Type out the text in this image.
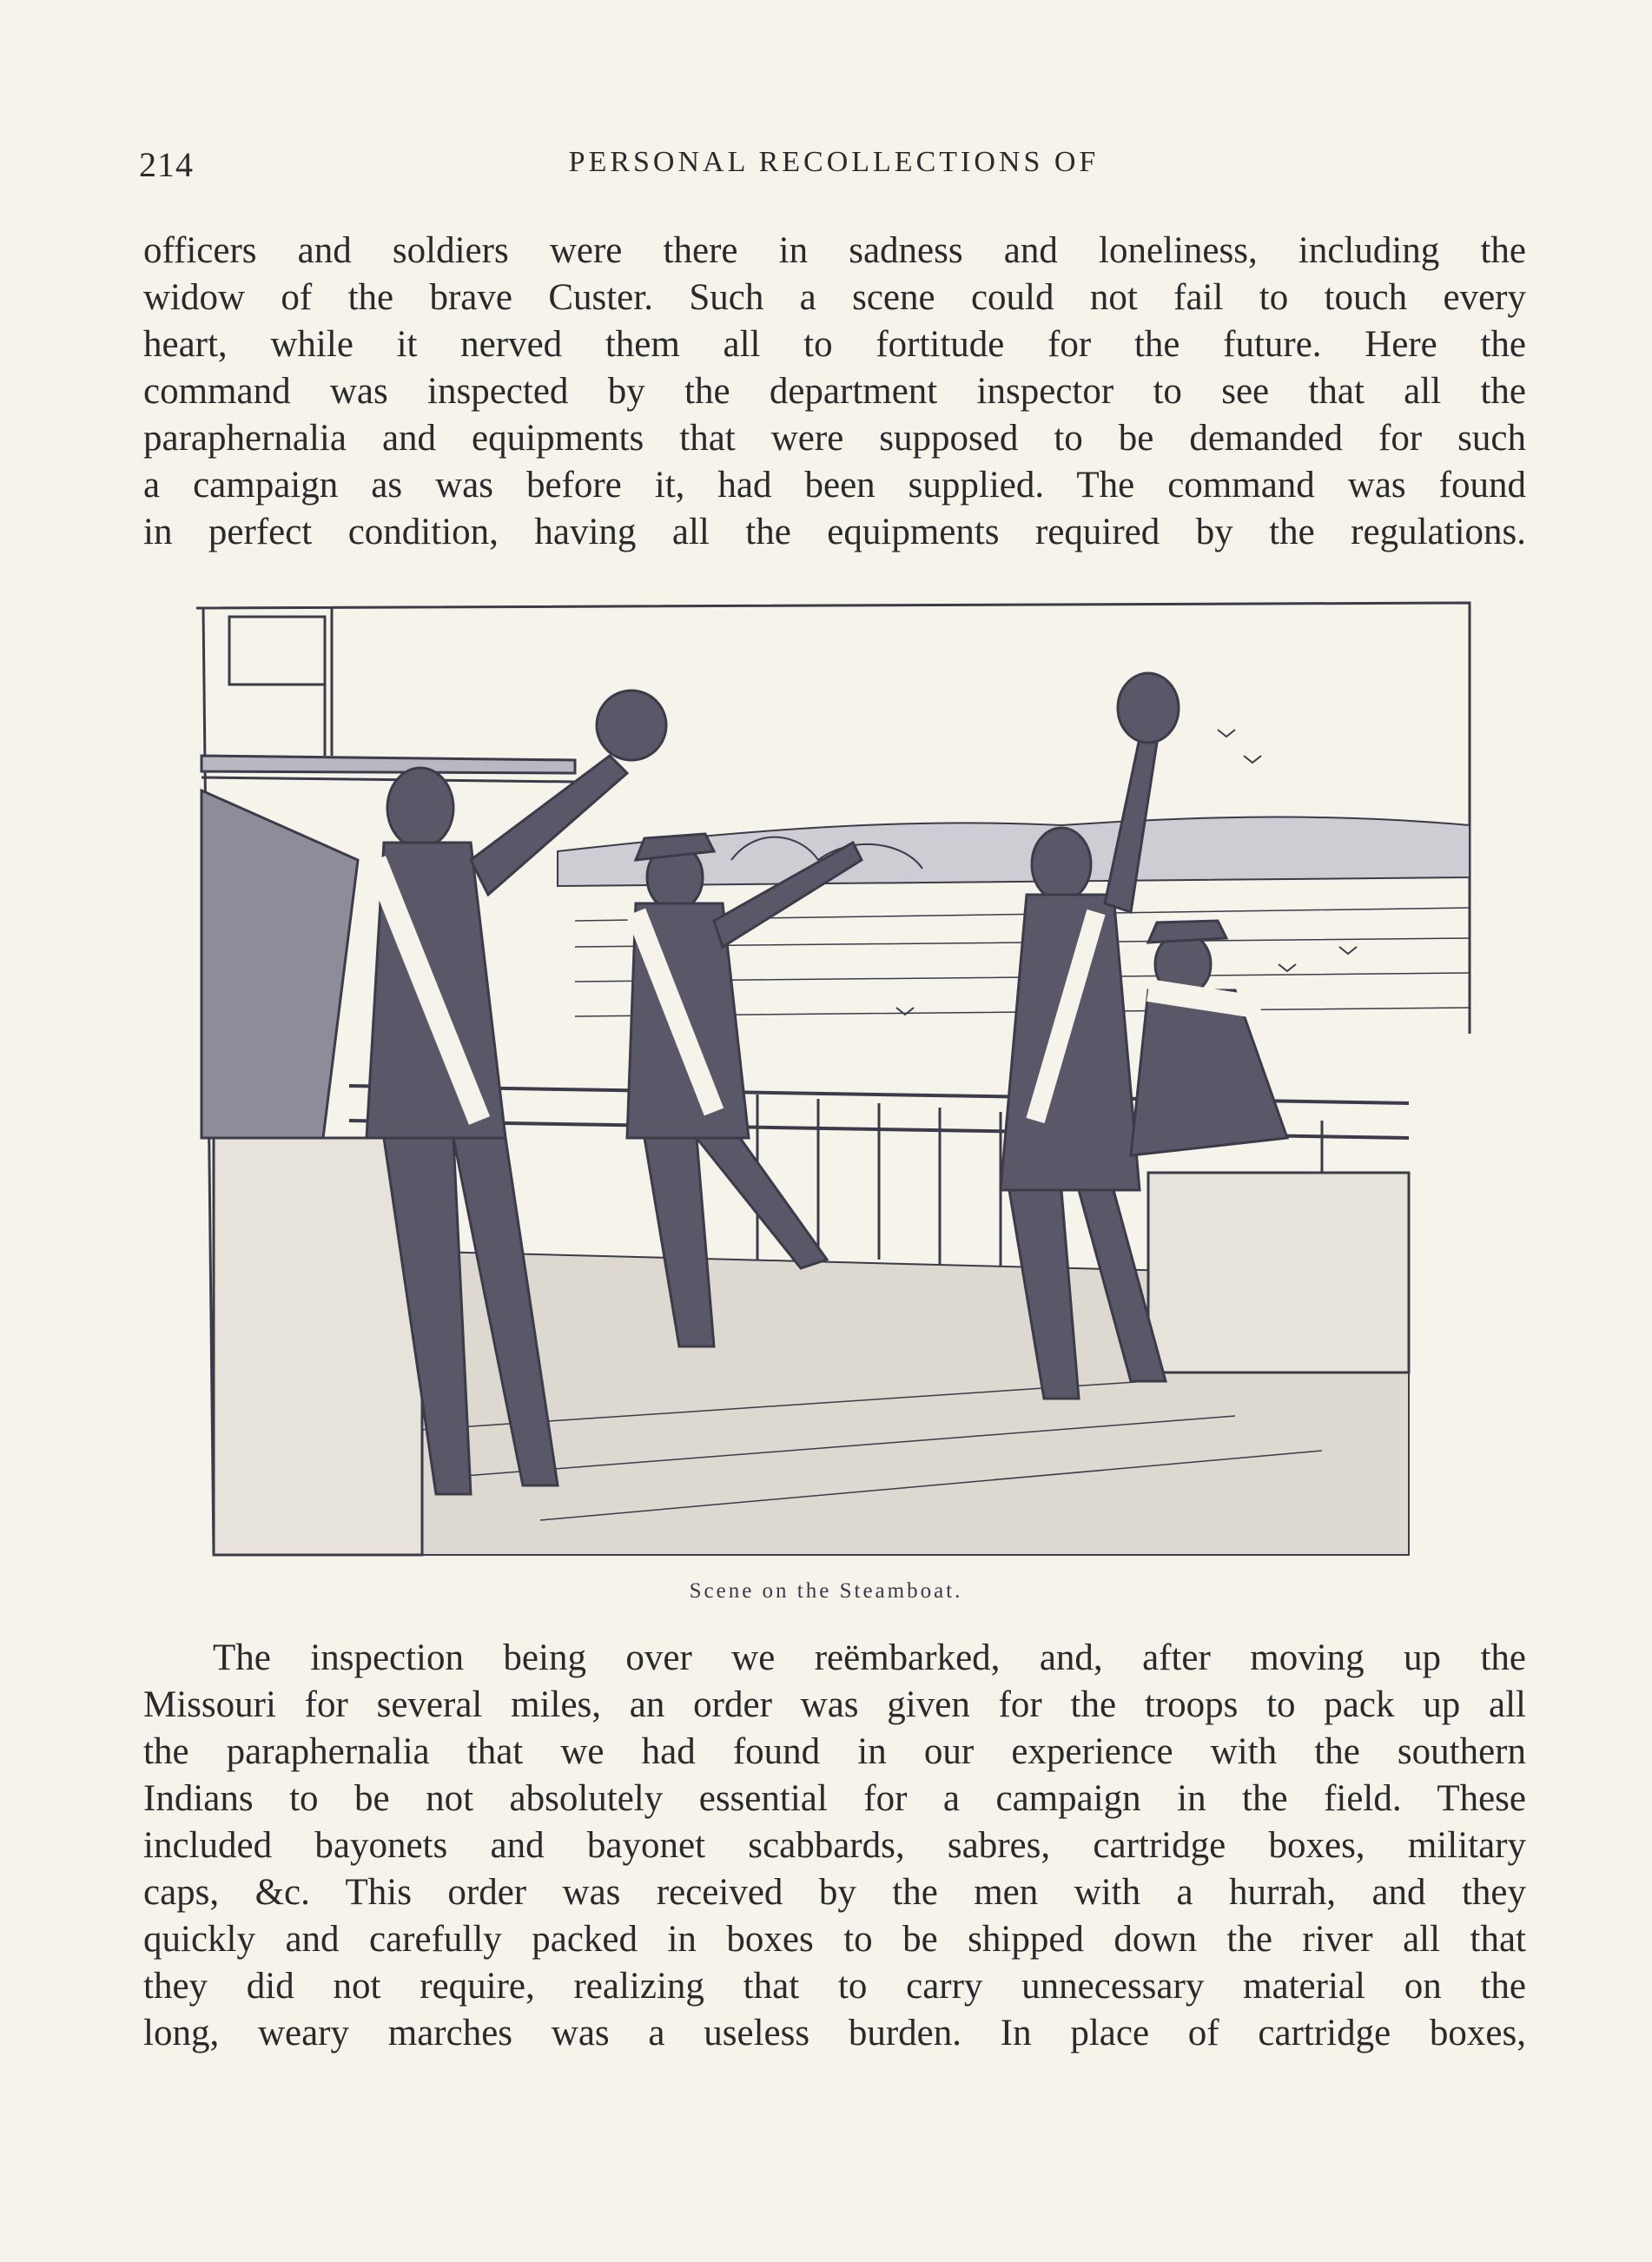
214	PERSONAL RECOLLECTIONS OF

officers and soldiers were there in sadness and loneliness, including the
widow of the brave Custer. Such a scene could not fail to touch every
heart, while it nerved them all to fortitude for the future. Here the
command was inspected by the department inspector to see that all the
paraphernalia and equipments that were supposed to be demanded for such
a campaign as was before it, had been supplied. The command was found
in perfect condition, having all the equipments required by the regulations.

Scene on the Steamboat.

The inspection being over we reëmbarked, and, after moving up the
Missouri for several miles, an order was given for the troops to pack up all
the paraphernalia that we had found in our experience with the southern
Indians to be not absolutely essential for a campaign in the field. These
included bayonets and bayonet scabbards, sabres, cartridge boxes, military
caps, &c. This order was received by the men with a hurrah, and they
quickly and carefully packed in boxes to be shipped down the river all that
they did not require, realizing that to carry unnecessary material on the
long, weary marches was a useless burden. In place of cartridge boxes,
